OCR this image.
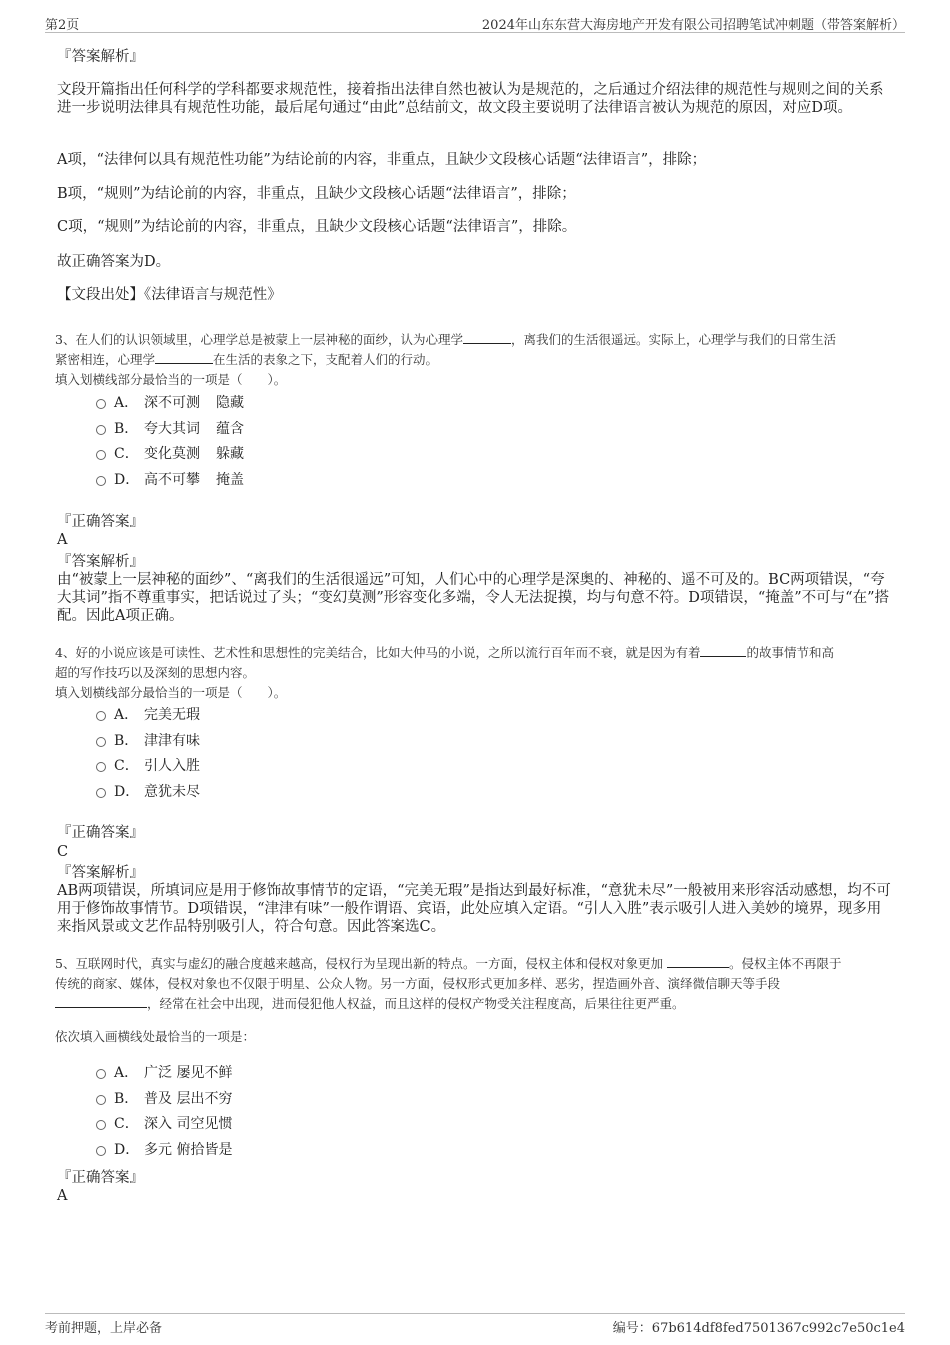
第2页	2024年山东东营大海房地产开发有限公司招聘笔试冲刺题（带答案解析）
『答案解析』
文段开篇指出任何科学的学科都要求规范性，接着指出法律自然也被认为是规范的，之后通过介绍法律的规范性与规则之间的关系进一步说明法律具有规范性功能，最后尾句通过“由此”总结前文，故文段主要说明了法律语言被认为规范的原因，对应D项。
A项，“法律何以具有规范性功能”为结论前的内容，非重点，且缺少文段核心话题“法律语言”，排除；
B项，“规则”为结论前的内容，非重点，且缺少文段核心话题“法律语言”，排除；
C项，“规则”为结论前的内容，非重点，且缺少文段核心话题“法律语言”，排除。
故正确答案为D。
【文段出处】《法律语言与规范性》
3、在人们的认识领域里，心理学总是被蒙上一层神秘的面纱，认为心理学	，离我们的生活很遥远。实际上，心理学与我们的日常生活
紧密相连，心理学	在生活的表象之下，支配着人们的行动。
填入划横线部分最恰当的一项是（　　）。
A． 深不可测 隐藏
B． 夸大其词 蕴含
C． 变化莫测 躲藏
D． 高不可攀 掩盖
『正确答案』
A
『答案解析』
由“被蒙上一层神秘的面纱”、“离我们的生活很遥远”可知，人们心中的心理学是深奥的、神秘的、遥不可及的。BC两项错误，“夸大其词”指不尊重事实，把话说过了头；“变幻莫测”形容变化多端，令人无法捉摸，均与句意不符。D项错误，“掩盖”不可与“在”搭配。因此A项正确。
4、好的小说应该是可读性、艺术性和思想性的完美结合，比如大仲马的小说，之所以流行百年而不衰，就是因为有着	的故事情节和高
超的写作技巧以及深刻的思想内容。
填入划横线部分最恰当的一项是（　　）。
A． 完美无瑕
B． 津津有味
C． 引人入胜
D． 意犹未尽
『正确答案』
C
『答案解析』
AB两项错误，所填词应是用于修饰故事情节的定语，“完美无瑕”是指达到最好标准，“意犹未尽”一般被用来形容活动感想，均不可用于修饰故事情节。D项错误，“津津有味”一般作谓语、宾语，此处应填入定语。“引人入胜”表示吸引人进入美妙的境界，现多用来指风景或文艺作品特别吸引人，符合句意。因此答案选C。
5、互联网时代，真实与虚幻的融合度越来越高，侵权行为呈现出新的特点。一方面，侵权主体和侵权对象更加	。侵权主体不再限于
传统的商家、媒体，侵权对象也不仅限于明星、公众人物。另一方面，侵权形式更加多样、恶劣，捏造画外音、演绎微信聊天等手段
，经常在社会中出现，进而侵犯他人权益，而且这样的侵权产物受关注程度高，后果往往更严重。
依次填入画横线处最恰当的一项是：
A． 广泛 屡见不鲜
B． 普及 层出不穷
C． 深入 司空见惯
D． 多元 俯拾皆是
『正确答案』
A
考前押题，上岸必备	编号：67b614df8fed7501367c992c7e50c1e4
